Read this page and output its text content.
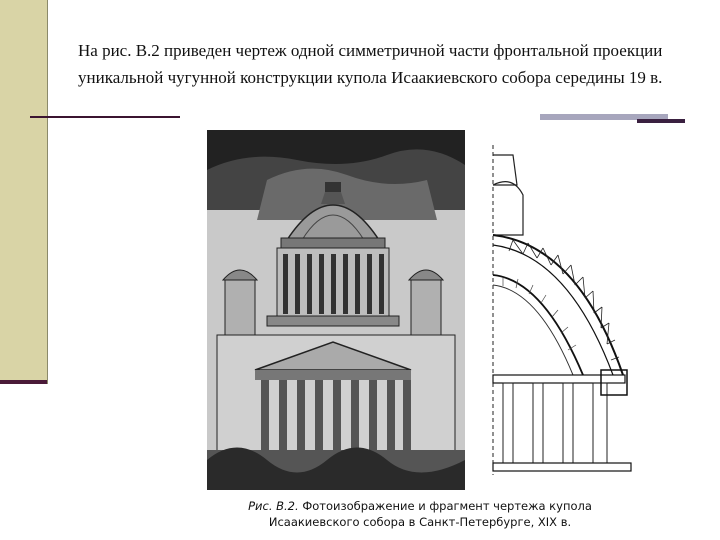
На рис. В.2 приведен чертеж одной симметричной части фронтальной проекции уникальной чугунной конструкции купола Исаакиевского собора середины 19 в.

Рис. В.2. Фотоизображение и фрагмент чертежа купола Исаакиевского собора в Санкт-Петербурге, XIX в.
